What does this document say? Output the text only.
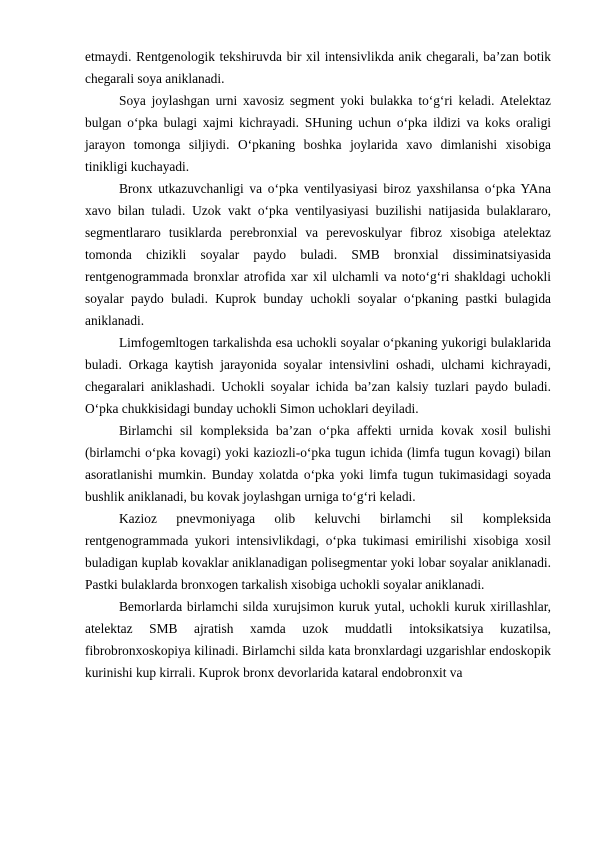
etmaydi. Rentgenologik tekshiruvda bir xil intensivlikda anik chegarali, ba’zan botik chegarali soya aniklanadi.

Soya joylashgan urni xavosiz segment yoki bulakka to‘g‘ri keladi. Atelektaz bulgan o‘pka bulagi xajmi kichrayadi. SHuning uchun o‘pka ildizi va koks oraligi jarayon tomonga siljiydi. O‘pkaning boshka joylarida xavo dimlanishi xisobiga tinikligi kuchayadi.

Bronx utkazuvchanligi va o‘pka ventilyasiyasi biroz yaxshilansa o‘pka YAna xavo bilan tuladi. Uzok vakt o‘pka ventilyasiyasi buzilishi natijasida bulaklararo, segmentlararo tusiklarda perebronxial va perevoskulyar fibroz xisobiga atelektaz tomonda chizikli soyalar paydo buladi. SMB bronxial dissiminatsiyasida rentgenogrammada bronxlar atrofida xar xil ulchamli va noto‘g‘ri shakldagi uchokli soyalar paydo buladi. Kuprok bunday uchokli soyalar o‘pkaning pastki bulagida aniklanadi.

Limfogemltogen tarkalishda esa uchokli soyalar o‘pkaning yukorigi bulaklarida buladi. Orkaga kaytish jarayonida soyalar intensivlini oshadi, ulchami kichrayadi, chegaralari aniklashadi. Uchokli soyalar ichida ba’zan kalsiy tuzlari paydo buladi. O‘pka chukkisidagi bunday uchokli Simon uchoklari deyiladi.

Birlamchi sil kompleksida ba’zan o‘pka affekti urnida kovak xosil bulishi (birlamchi o‘pka kovagi) yoki kaziozli-o‘pka tugun ichida (limfa tugun kovagi) bilan asoratlanishi mumkin. Bunday xolatda o‘pka yoki limfa tugun tukimasidagi soyada bushlik aniklanadi, bu kovak joylashgan urniga to‘g‘ri keladi.

Kazioz pnevmoniyaga olib keluvchi birlamchi sil kompleksida rentgenogrammada yukori intensivlikdagi, o‘pka tukimasi emirilishi xisobiga xosil buladigan kuplab kovaklar aniklanadigan polisegmentar yoki lobar soyalar aniklanadi. Pastki bulaklarda bronxogen tarkalish xisobiga uchokli soyalar aniklanadi.

Bemorlarda birlamchi silda xurujsimon kuruk yutal, uchokli kuruk xirillashlar, atelektaz SMB ajratish xamda uzok muddatli intoksikatsiya kuzatilsa, fibrobronxoskopiya kilinadi. Birlamchi silda kata bronxlardagi uzgarishlar endoskopik kurinishi kup kirrali. Kuprok bronx devorlarida kataral endobronxit va
